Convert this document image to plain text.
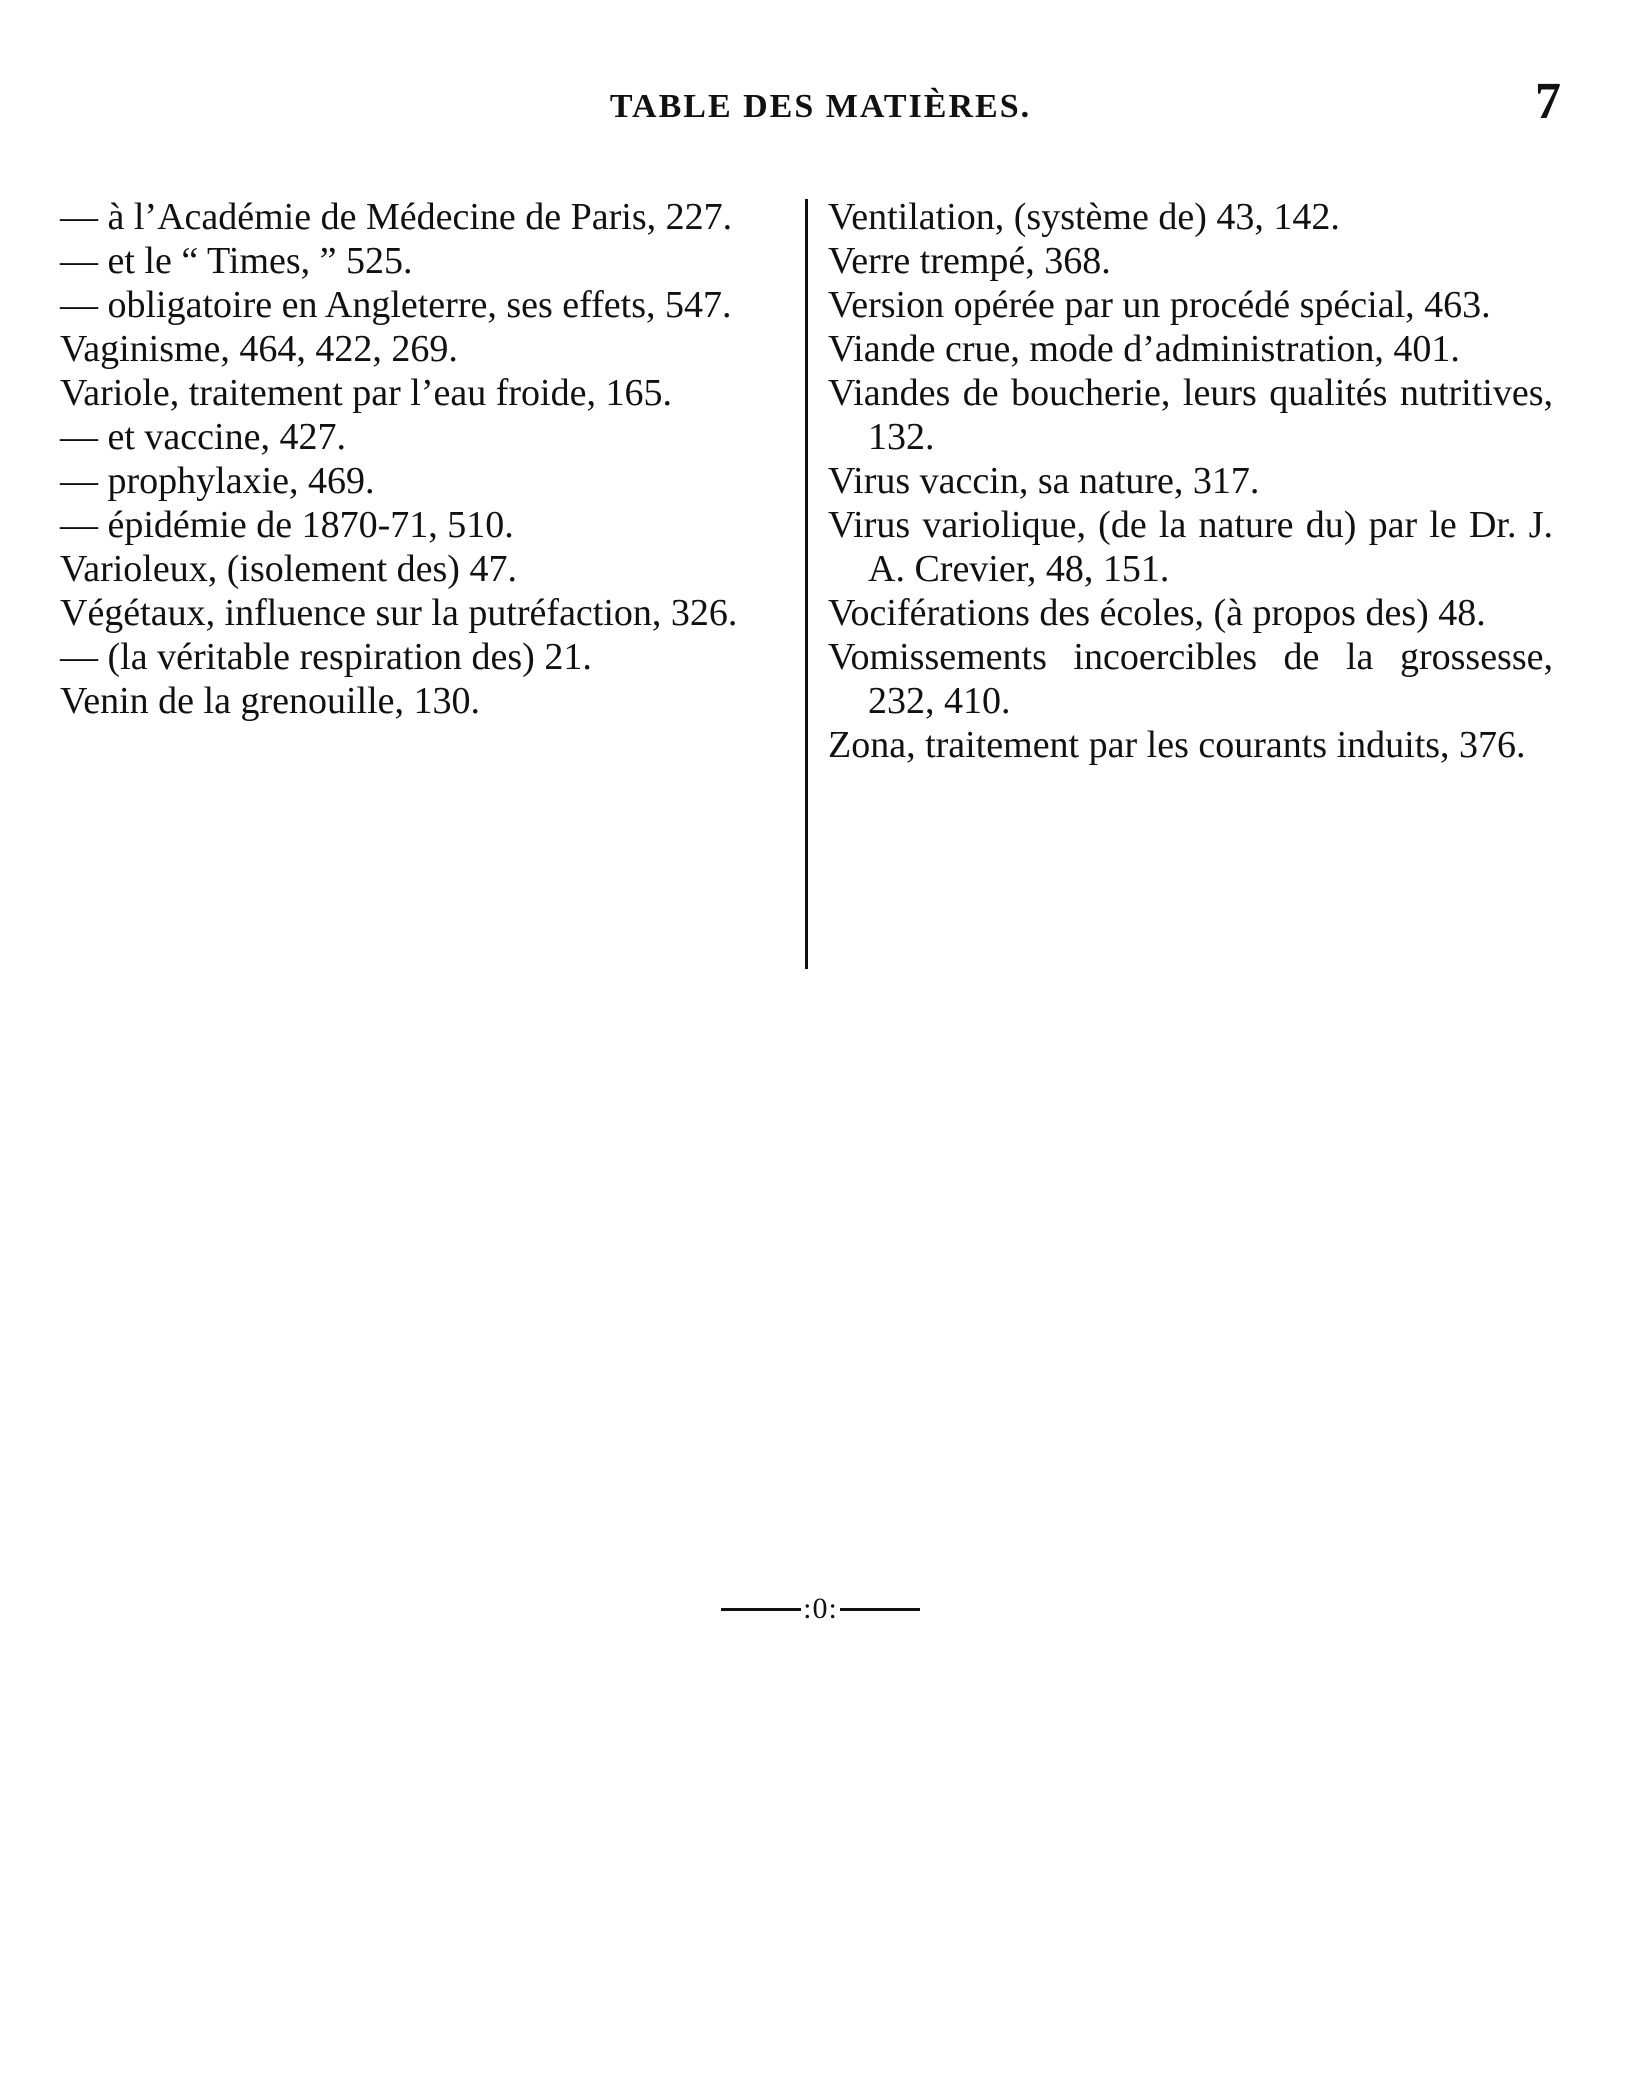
TABLE DES MATIÈRES.	7

— à l’Académie de Médecine de Paris, 227.

— et le “ Times, ” 525.

— obligatoire en Angleterre, ses effets, 547.

Vaginisme, 464, 422, 269.

Variole, traitement par l’eau froide, 165.

— et vaccine, 427.

— prophylaxie, 469.

— épidémie de 1870-71, 510.

Varioleux, (isolement des) 47.

Végétaux, influence sur la putréfaction, 326.

— (la véritable respiration des) 21.

Venin de la grenouille, 130.

Ventilation, (système de) 43, 142.

Verre trempé, 368.

Version opérée par un procédé spécial, 463.

Viande crue, mode d’administration, 401.

Viandes de boucherie, leurs qualités nutritives, 132.

Virus vaccin, sa nature, 317.

Virus variolique, (de la nature du) par le Dr. J. A. Crevier, 48, 151.

Vociférations des écoles, (à propos des) 48.

Vomissements incoercibles de la grossesse, 232, 410.

Zona, traitement par les courants induits, 376.

:0:
